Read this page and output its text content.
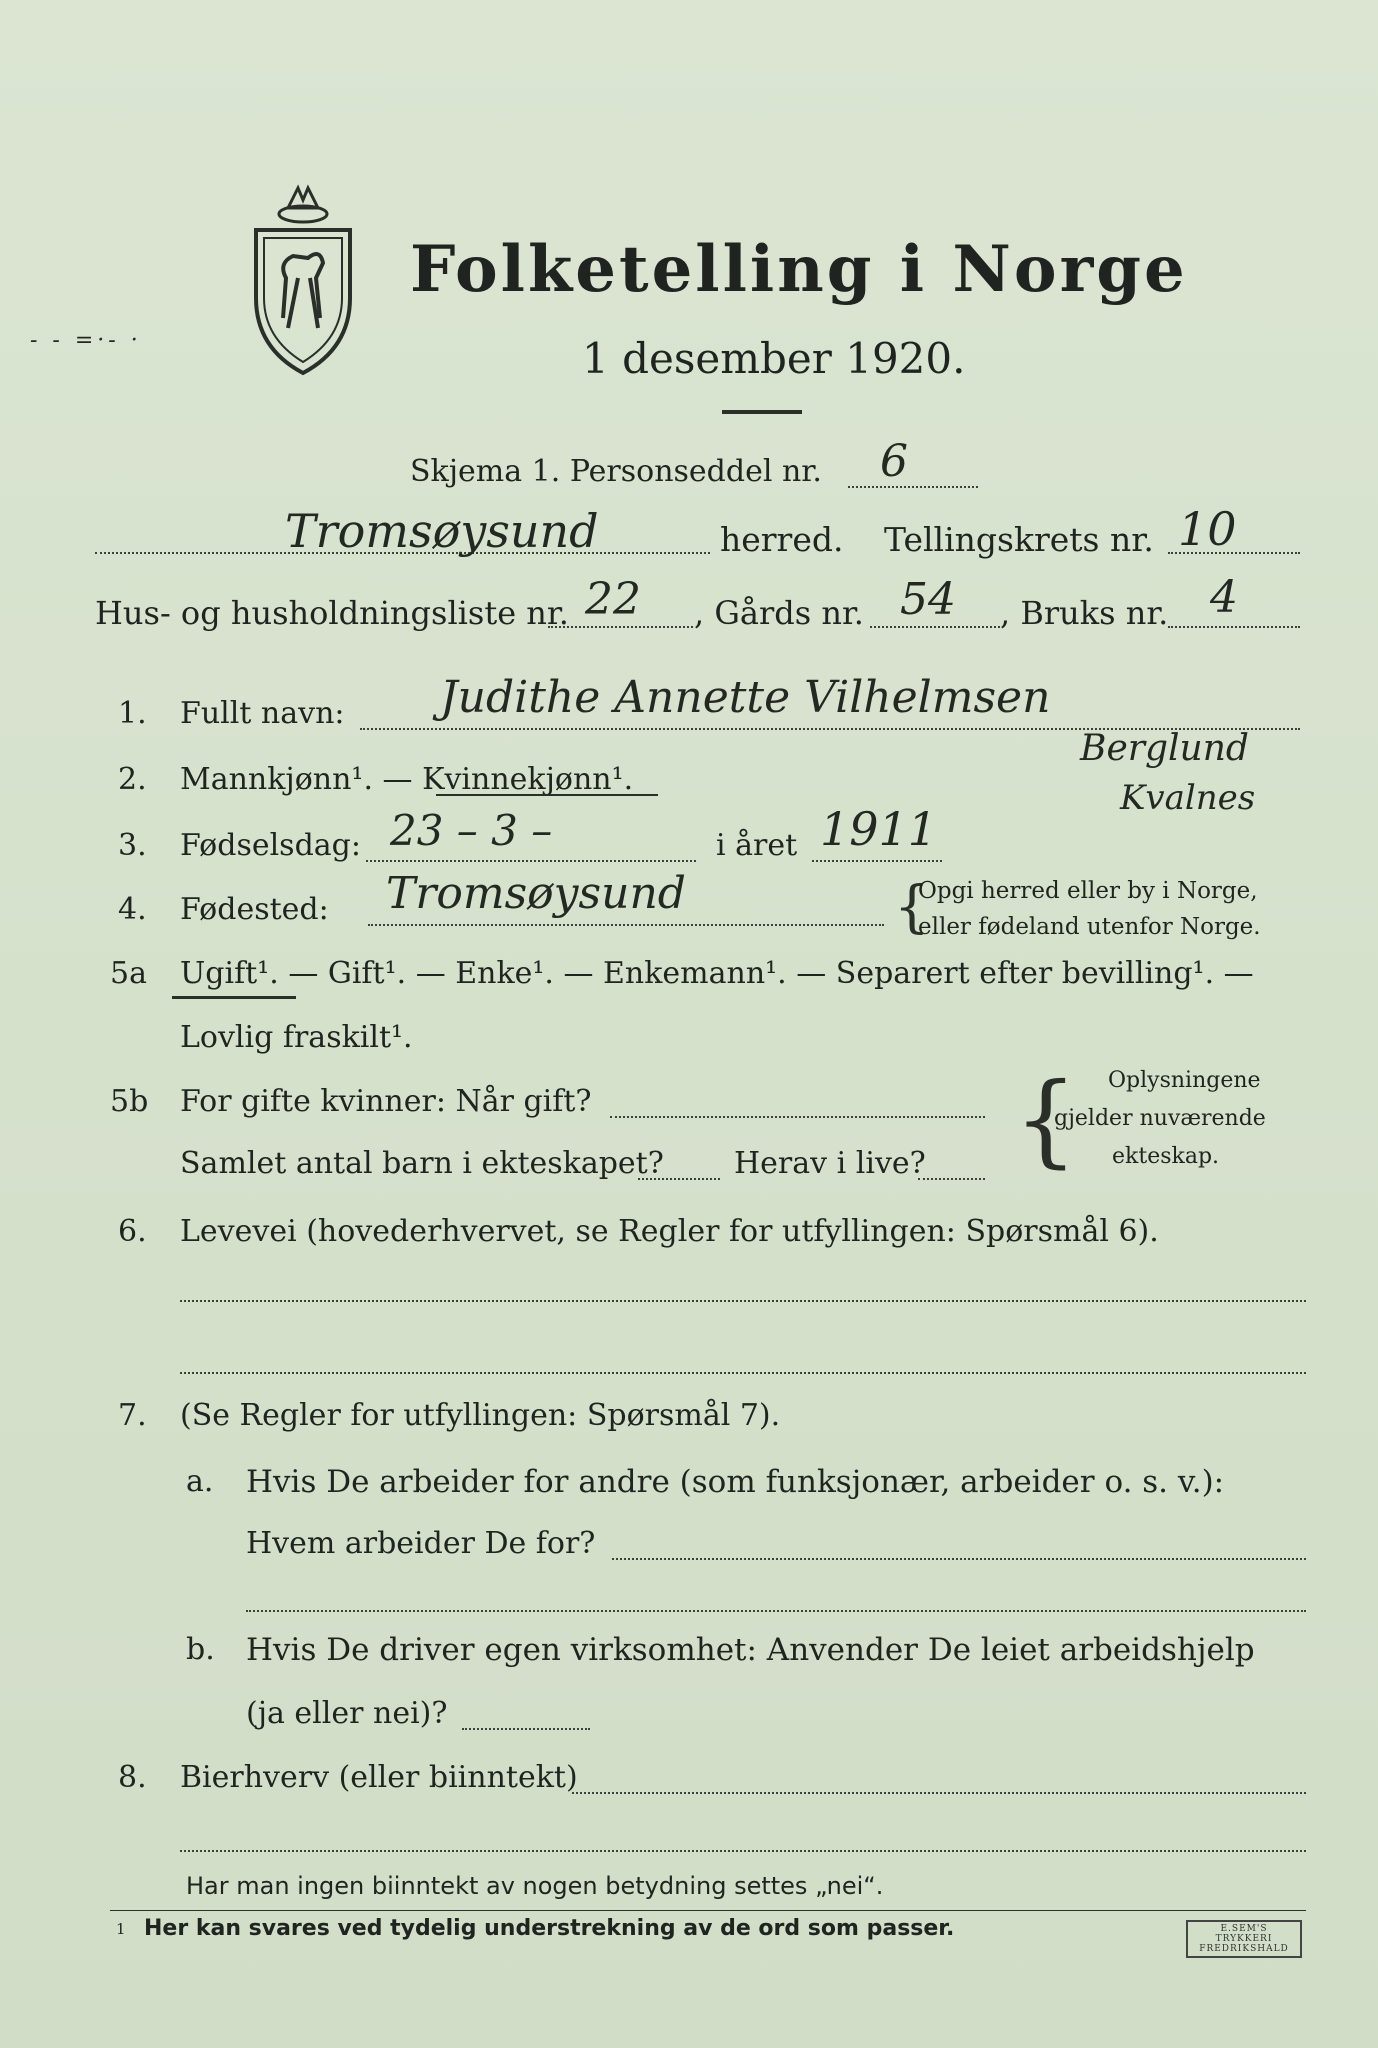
- - =·- ·
Folketelling i Norge
1 desember 1920.
Skjema 1. Personseddel nr. 6
Tromsøysund	herred. Tellingskrets nr. 10
Hus- og husholdningsliste nr. 22 , Gårds nr. 54 , Bruks nr. 4
1. Fullt navn: Judithe Annette Vilhelmsen
Berglund
Kvalnes
2. Mannkjønn¹. — Kvinnekjønn¹.
3. Fødselsdag: 23 – 3 –	i året 1911
4. Fødested: Tromsøysund	{
Opgi herred eller by i Norge,
eller fødeland utenfor Norge.
5a Ugift¹. — Gift¹. — Enke¹. — Enkemann¹. — Separert efter bevilling¹. —
Lovlig fraskilt¹.
5b For gifte kvinner: Når gift?
Samlet antal barn i ekteskapet? Herav i live? { Oplysningene
gjelder nuværende
ekteskap.
6. Levevei (hovederhvervet, se Regler for utfyllingen: Spørsmål 6).
7. (Se Regler for utfyllingen: Spørsmål 7).
a. Hvis De arbeider for andre (som funksjonær, arbeider o. s. v.):
Hvem arbeider De for?
b. Hvis De driver egen virksomhet: Anvender De leiet arbeidshjelp
(ja eller nei)?
8. Bierhverv (eller biinntekt)
Har man ingen biinntekt av nogen betydning settes „nei“.
1 Her kan svares ved tydelig understrekning av de ord som passer.	E.SEM'S TRYKKERI FREDRIKSHALD
